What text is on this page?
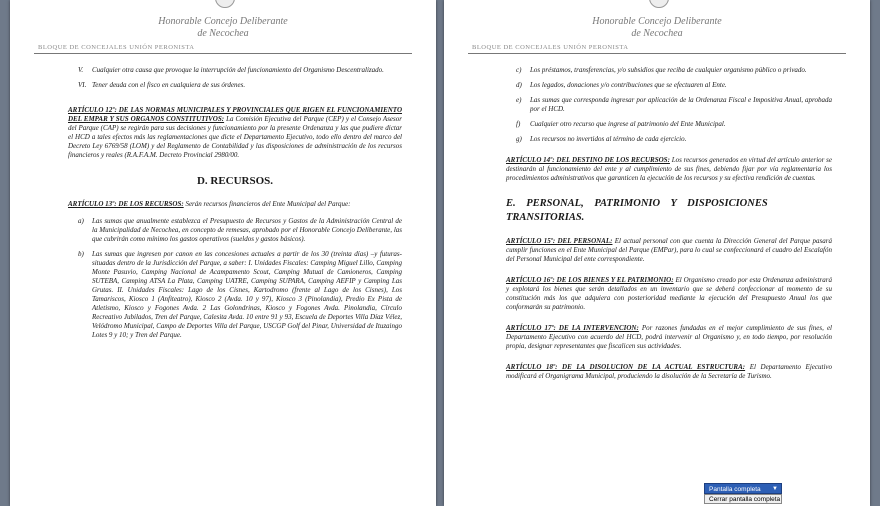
Honorable Concejo Deliberante
de Necochea
BLOQUE DE CONCEJALES UNIÓN PERONISTA
V.	Cualquier otra causa que provoque la interrupción del funcionamiento del Organismo Descentralizado.
VI. Tener deuda con el fisco en cualquiera de sus órdenes.

ARTÍCULO 12º: DE LAS NORMAS MUNICIPALES Y PROVINCIALES QUE RIGEN EL FUNCIONAMIENTO DEL EMPAR Y SUS ORGANOS CONSTITUTIVOS: La Comisión Ejecutiva del Parque (CEP) y el Consejo Asesor del Parque (CAP) se regirán para sus decisiones y funcionamiento por la presente Ordenanza y las que pudiere dictar el HCD a tales efectos más las reglamentaciones que dicte el Departamento Ejecutivo, todo ello dentro del marco del Decreto Ley 6769/58 (LOM) y del Reglamento de Contabilidad y las disposiciones de administración de los recursos financieros y reales (R.A.F.A.M. Decreto Provincial 2980/00.

D. RECURSOS.

ARTÍCULO 13º: DE LOS RECURSOS: Serán recursos financieros del Ente Municipal del Parque:

a)	Las sumas que anualmente establezca el Presupuesto de Recursos y Gastos de la Administración Central de la Municipalidad de Necochea, en concepto de remesas, aprobado por el Honorable Concejo Deliberante, las que cubrirán como mínimo los gastos operativos (sueldos y gastos básicos).
b)	Las sumas que ingresen por canon en las concesiones actuales a partir de los 30 (treinta días) –y futuras- situadas dentro de la Jurisdicción del Parque, a saber: I. Unidades Fiscales: Camping Miguel Lillo, Camping Monte Pasuvio, Camping Nacional de Acampamento Scout, Camping Mutual de Camioneros, Camping SUTEBA, Camping ATSA La Plata, Camping UATRE, Camping SUPARA, Camping AEFIP y Camping Las Grutas. II. Unidades Fiscales: Lago de los Cisnes, Kartodromo (frente al Lago de los Cisnes), Los Tamariscos, Kiosco 1 (Anfiteatro), Kiosco 2 (Avda. 10 y 97), Kiosco 3 (Pinolandia), Predio Ex Pista de Atletismo, Kiosco y Fogones Avda. 2 Las Golondrinas, Kiosco y Fogones Avda. Pinolandia, Círculo Recreativo Jubilados, Tren del Parque, Calesita Avda. 10 entre 91 y 93, Escuela de Deportes Villa Díaz Vélez, Velódromo Municipal, Campo de Deportes Villa del Parque, USCGP Golf del Pinar, Universidad de Ituzaingo Lotes 9 y 10; y Tren del Parque.
Honorable Concejo Deliberante
de Necochea
BLOQUE DE CONCEJALES UNIÓN PERONISTA
c)	Los préstamos, transferencias, y/o subsidios que reciba de cualquier organismo público o privado.
d)	Los legados, donaciones y/o contribuciones que se efectuaren al Ente.
e)	Las sumas que corresponda ingresar por aplicación de la Ordenanza Fiscal e Impositiva Anual, aprobada por el HCD.
f)	Cualquier otro recurso que ingrese al patrimonio del Ente Municipal.
g)	Los recursos no invertidos al término de cada ejercicio.

ARTÍCULO 14º: DEL DESTINO DE LOS RECURSOS: Los recursos generados en virtud del artículo anterior se destinarán al funcionamiento del ente y al cumplimiento de sus fines, debiendo fijar por vía reglamentaria los procedimientos administrativos que garanticen la ejecución de los recursos y su efectiva rendición de cuentas.

E. PERSONAL, PATRIMONIO Y DISPOSICIONES TRANSITORIAS.

ARTÍCULO 15º: DEL PERSONAL: El actual personal con que cuenta la Dirección General del Parque pasará cumplir funciones en el Ente Municipal del Parque (EMPar), para lo cual se confeccionará el cuadro del Escalafón del Personal Municipal del ente correspondiente.

ARTÍCULO 16º: DE LOS BIENES Y EL PATRIMONIO: El Organismo creado por esta Ordenanza administrará y explotará los bienes que serán detallados en un inventario que se deberá confeccionar al momento de su constitución más los que adquiera con posterioridad mediante la ejecución del Presupuesto Anual los que conformarán su patrimonio.

ARTÍCULO 17º: DE LA INTERVENCION: Por razones fundadas en el mejor cumplimiento de sus fines, el Departamento Ejecutivo con acuerdo del HCD, podrá intervenir al Organismo y, en todo tiempo, por resolución propia, designar representantes que fiscalicen sus actividades.

ARTÍCULO 18º: DE LA DISOLUCION DE LA ACTUAL ESTRUCTURA: El Departamento Ejecutivo modificará el Organigrama Municipal, produciendo la disolución de la Secretaría de Turismo.

Pantalla completa ▼
Cerrar pantalla completa
